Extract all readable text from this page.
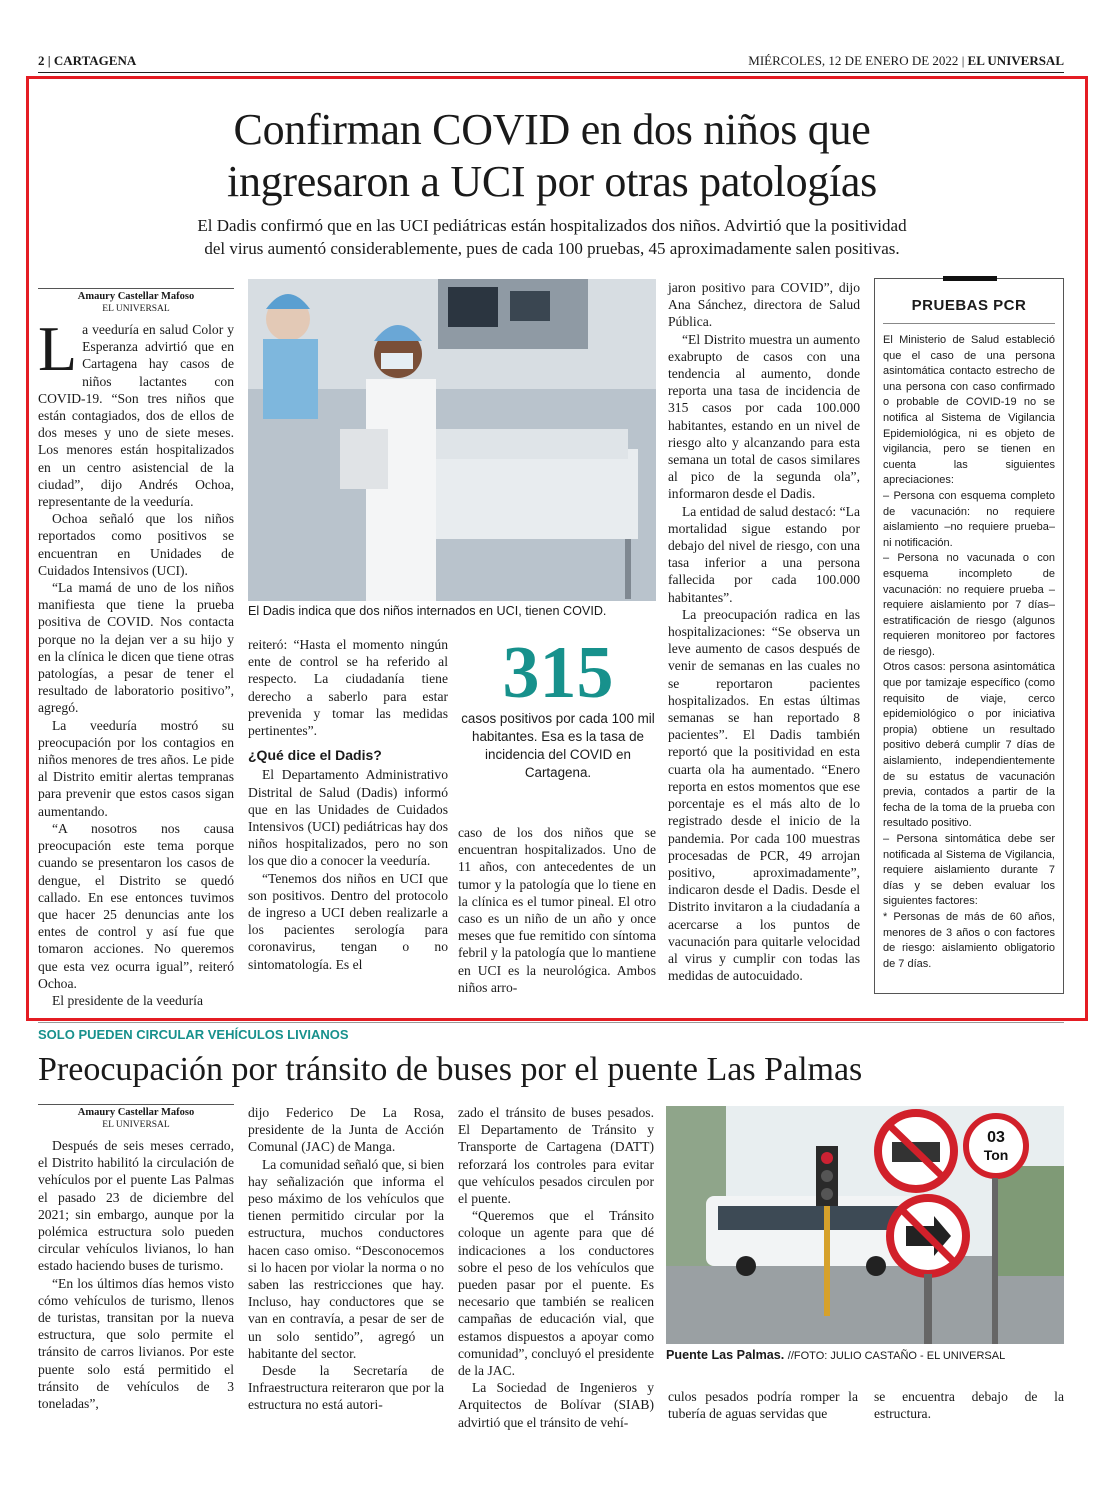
2 | CARTAGENA	MIÉRCOLES, 12 DE ENERO DE 2022 | EL UNIVERSAL
Confirman COVID en dos niños que
ingresaron a UCI por otras patologías
El Dadis confirmó que en las UCI pediátricas están hospitalizados dos niños. Advirtió que la positividad
del virus aumentó considerablemente, pues de cada 100 pruebas, 45 aproximadamente salen positivas.
Amaury Castellar Mafoso
EL UNIVERSAL

La veeduría en salud Color y Esperanza advirtió que en Cartagena hay casos de niños lactantes con COVID-19. “Son tres niños que están contagiados, dos de ellos de dos meses y uno de siete meses. Los menores están hospitalizados en un centro asistencial de la ciudad”, dijo Andrés Ochoa, representante de la veeduría.

Ochoa señaló que los niños reportados como positivos se encuentran en Unidades de Cuidados Intensivos (UCI).

“La mamá de uno de los niños manifiesta que tiene la prueba positiva de COVID. Nos contacta porque no la dejan ver a su hijo y en la clínica le dicen que tiene otras patologías, a pesar de tener el resultado de laboratorio positivo”, agregó.

La veeduría mostró su preocupación por los contagios en niños menores de tres años. Le pide al Distrito emitir alertas tempranas para prevenir que estos casos sigan aumentando.

“A nosotros nos causa preocupación este tema porque cuando se presentaron los casos de dengue, el Distrito se quedó callado. En ese entonces tuvimos que hacer 25 denuncias ante los entes de control y así fue que tomaron acciones. No queremos que esta vez ocurra igual”, reiteró Ochoa.

El presidente de la veeduría

El Dadis indica que dos niños internados en UCI, tienen COVID.

reiteró: “Hasta el momento ningún ente de control se ha referido al respecto. La ciudadanía tiene derecho a saberlo para estar prevenida y tomar las medidas pertinentes”.

¿Qué dice el Dadis?

El Departamento Administrativo Distrital de Salud (Dadis) informó que en las Unidades de Cuidados Intensivos (UCI) pediátricas hay dos niños hospitalizados, pero no son los que dio a conocer la veeduría.

“Tenemos dos niños en UCI que son positivos. Dentro del protocolo de ingreso a UCI deben realizarle a los pacientes serología para coronavirus, tengan o no sintomatología. Es el

315
casos positivos por cada 100 mil habitantes. Esa es la tasa de incidencia del COVID en Cartagena.

caso de los dos niños que se encuentran hospitalizados. Uno de 11 años, con antecedentes de un tumor y la patología que lo tiene en la clínica es el tumor pineal. El otro caso es un niño de un año y once meses que fue remitido con síntoma febril y la patología que lo mantiene en UCI es la neurológica. Ambos niños arro-

jaron positivo para COVID”, dijo Ana Sánchez, directora de Salud Pública.

“El Distrito muestra un aumento exabrupto de casos con una tendencia al aumento, donde reporta una tasa de incidencia de 315 casos por cada 100.000 habitantes, estando en un nivel de riesgo alto y alcanzando para esta semana un total de casos similares al pico de la segunda ola”, informaron desde el Dadis.

La entidad de salud destacó: “La mortalidad sigue estando por debajo del nivel de riesgo, con una tasa inferior a una persona fallecida por cada 100.000 habitantes”.

La preocupación radica en las hospitalizaciones: “Se observa un leve aumento de casos después de venir de semanas en las cuales no se reportaron pacientes hospitalizados. En estas últimas semanas se han reportado 8 pacientes”. El Dadis también reportó que la positividad en esta cuarta ola ha aumentado. “Enero reporta en estos momentos que ese porcentaje es el más alto de lo registrado desde el inicio de la pandemia. Por cada 100 muestras procesadas de PCR, 49 arrojan positivo, aproximadamente”, indicaron desde el Dadis. Desde el Distrito invitaron a la ciudadanía a acercarse a los puntos de vacunación para quitarle velocidad al virus y cumplir con todas las medidas de autocuidado.

PRUEBAS PCR
El Ministerio de Salud estableció que el caso de una persona asintomática contacto estrecho de una persona con caso confirmado o probable de COVID-19 no se notifica al Sistema de Vigilancia Epidemiológica, ni es objeto de vigilancia, pero se tienen en cuenta las siguientes apreciaciones:
– Persona con esquema completo de vacunación: no requiere aislamiento –no requiere prueba– ni notificación.
– Persona no vacunada o con esquema incompleto de vacunación: no requiere prueba –requiere aislamiento por 7 días– estratificación de riesgo (algunos requieren monitoreo por factores de riesgo).
Otros casos: persona asintomática que por tamizaje específico (como requisito de viaje, cerco epidemiológico o por iniciativa propia) obtiene un resultado positivo deberá cumplir 7 días de aislamiento, independientemente de su estatus de vacunación previa, contados a partir de la fecha de la toma de la prueba con resultado positivo.
– Persona sintomática debe ser notificada al Sistema de Vigilancia, requiere aislamiento durante 7 días y se deben evaluar los siguientes factores:
* Personas de más de 60 años, menores de 3 años o con factores de riesgo: aislamiento obligatorio de 7 días.
SOLO PUEDEN CIRCULAR VEHÍCULOS LIVIANOS
Preocupación por tránsito de buses por el puente Las Palmas
Amaury Castellar Mafoso
EL UNIVERSAL

Después de seis meses cerrado, el Distrito habilitó la circulación de vehículos por el puente Las Palmas el pasado 23 de diciembre del 2021; sin embargo, aunque por la polémica estructura solo pueden circular vehículos livianos, lo han estado haciendo buses de turismo.

“En los últimos días hemos visto cómo vehículos de turismo, llenos de turistas, transitan por la nueva estructura, que solo permite el tránsito de carros livianos. Por este puente solo está permitido el tránsito de vehículos de 3 toneladas”,

dijo Federico De La Rosa, presidente de la Junta de Acción Comunal (JAC) de Manga.

La comunidad señaló que, si bien hay señalización que informa el peso máximo de los vehículos que tienen permitido circular por la estructura, muchos conductores hacen caso omiso. “Desconocemos si lo hacen por violar la norma o no saben las restricciones que hay. Incluso, hay conductores que se van en contravía, a pesar de ser de un solo sentido”, agregó un habitante del sector.

Desde la Secretaría de Infraestructura reiteraron que por la estructura no está autori-

zado el tránsito de buses pesados. El Departamento de Tránsito y Transporte de Cartagena (DATT) reforzará los controles para evitar que vehículos pesados circulen por el puente.

“Queremos que el Tránsito coloque un agente para que dé indicaciones a los conductores sobre el peso de los vehículos que pueden pasar por el puente. Es necesario que también se realicen campañas de educación vial, que estamos dispuestos a apoyar como comunidad”, concluyó el presidente de la JAC.

La Sociedad de Ingenieros y Arquitectos de Bolívar (SIAB) advirtió que el tránsito de vehí-

03
Ton
Puente Las Palmas. //FOTO: JULIO CASTAÑO - EL UNIVERSAL

culos pesados podría romper la tubería de aguas servidas que

se encuentra debajo de la estructura.
